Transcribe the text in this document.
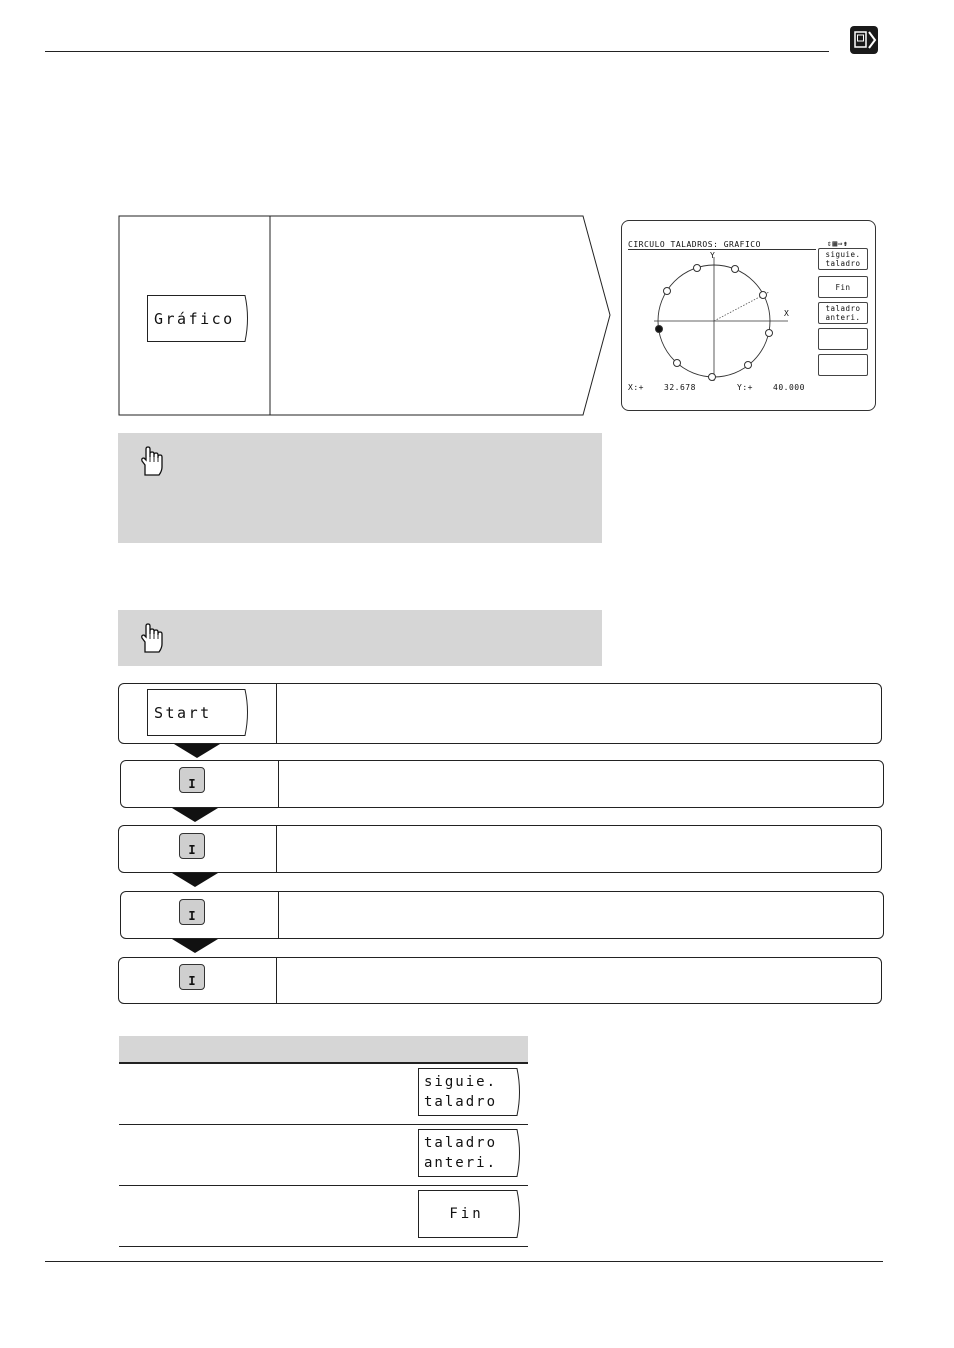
Gráfico
CIRCULO TALADROS: GRAFICO	⇕▦⇒⇟
Y
X
X:+	32.678	Y:+	40.000
siguie.
taladro
Fin
taladro
anteri.
Start
I
I
I
I
siguie.
taladro
taladro
anteri.
Fin
